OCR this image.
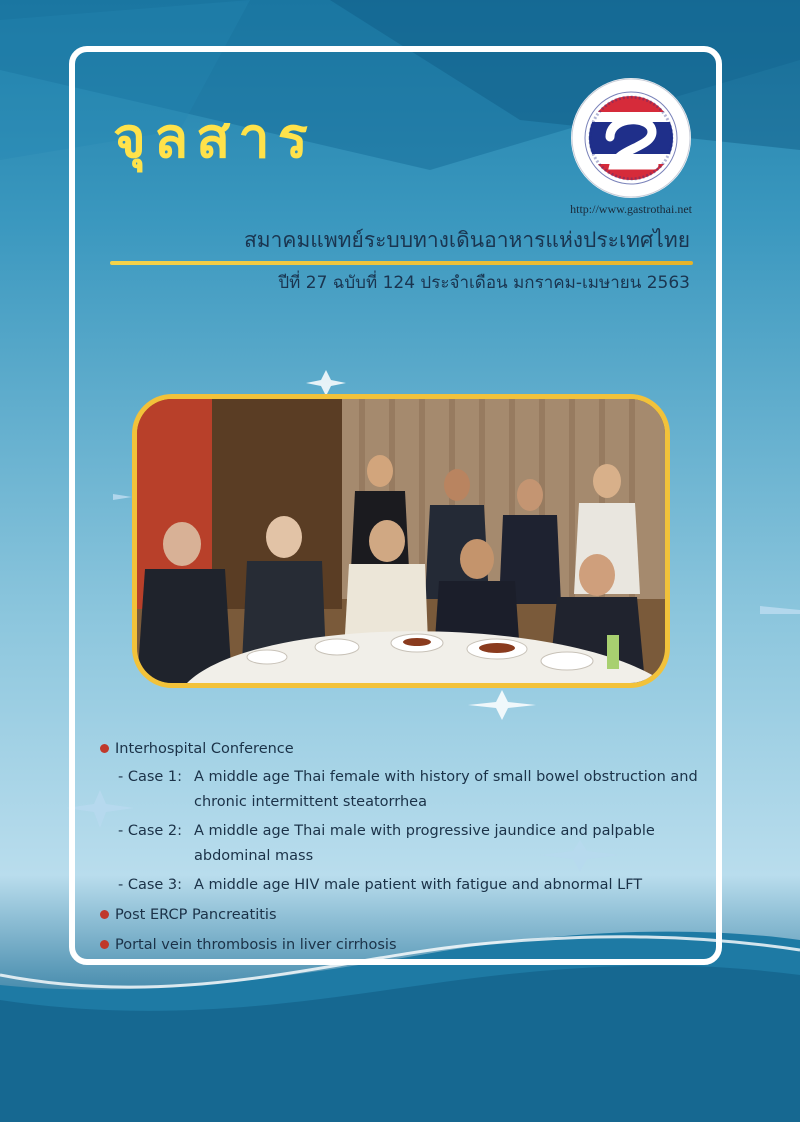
จุลสาร

http://www.gastrothai.net

สมาคมแพทย์ระบบทางเดินอาหารแห่งประเทศไทย

ปีที่ 27 ฉบับที่ 124 ประจำเดือน มกราคม-เมษายน 2563

Interhospital Conference
- Case 1: A middle age Thai female with history of small bowel obstruction and chronic intermittent steatorrhea
- Case 2: A middle age Thai male with progressive jaundice and palpable abdominal mass
- Case 3: A middle age HIV male patient with fatigue and abnormal LFT
Post ERCP Pancreatitis
Portal vein thrombosis in liver cirrhosis
